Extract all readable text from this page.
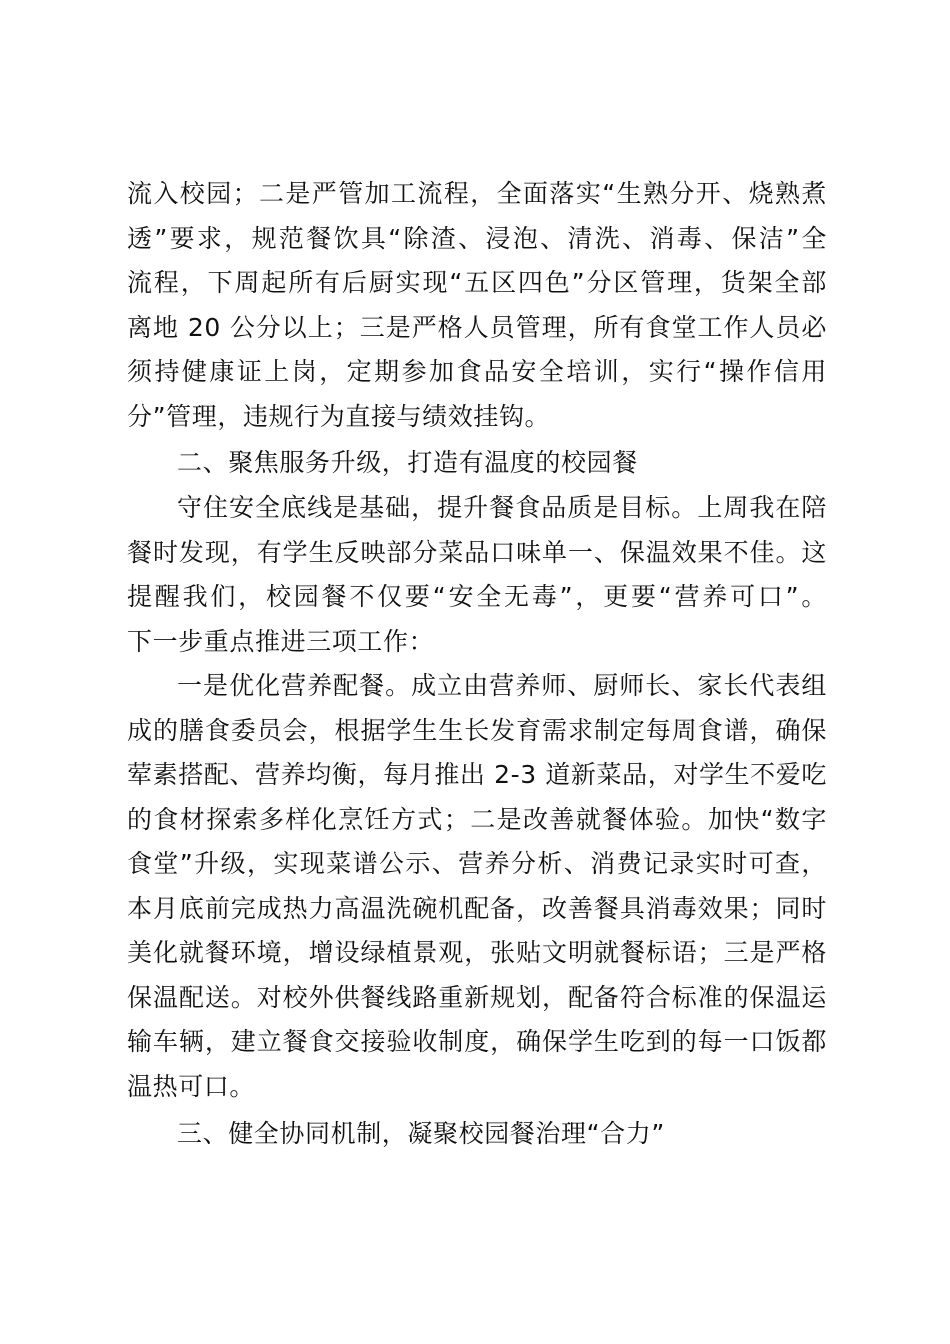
流入校园；二是严管加工流程，全面落实“生熟分开、烧熟煮
透”要求，规范餐饮具“除渣、浸泡、清洗、消毒、保洁”全
流程，下周起所有后厨实现“五区四色”分区管理，货架全部
离地 20 公分以上；三是严格人员管理，所有食堂工作人员必
须持健康证上岗，定期参加食品安全培训，实行“操作信用
分”管理，违规行为直接与绩效挂钩。
二、聚焦服务升级，打造有温度的校园餐
守住安全底线是基础，提升餐食品质是目标。上周我在陪
餐时发现，有学生反映部分菜品口味单一、保温效果不佳。这
提醒我们，校园餐不仅要“安全无毒”，更要“营养可口”。
下一步重点推进三项工作：
一是优化营养配餐。成立由营养师、厨师长、家长代表组
成的膳食委员会，根据学生生长发育需求制定每周食谱，确保
荤素搭配、营养均衡，每月推出 2-3 道新菜品，对学生不爱吃
的食材探索多样化烹饪方式；二是改善就餐体验。加快“数字
食堂”升级，实现菜谱公示、营养分析、消费记录实时可查，
本月底前完成热力高温洗碗机配备，改善餐具消毒效果；同时
美化就餐环境，增设绿植景观，张贴文明就餐标语；三是严格
保温配送。对校外供餐线路重新规划，配备符合标准的保温运
输车辆，建立餐食交接验收制度，确保学生吃到的每一口饭都
温热可口。
三、健全协同机制，凝聚校园餐治理“合力”
